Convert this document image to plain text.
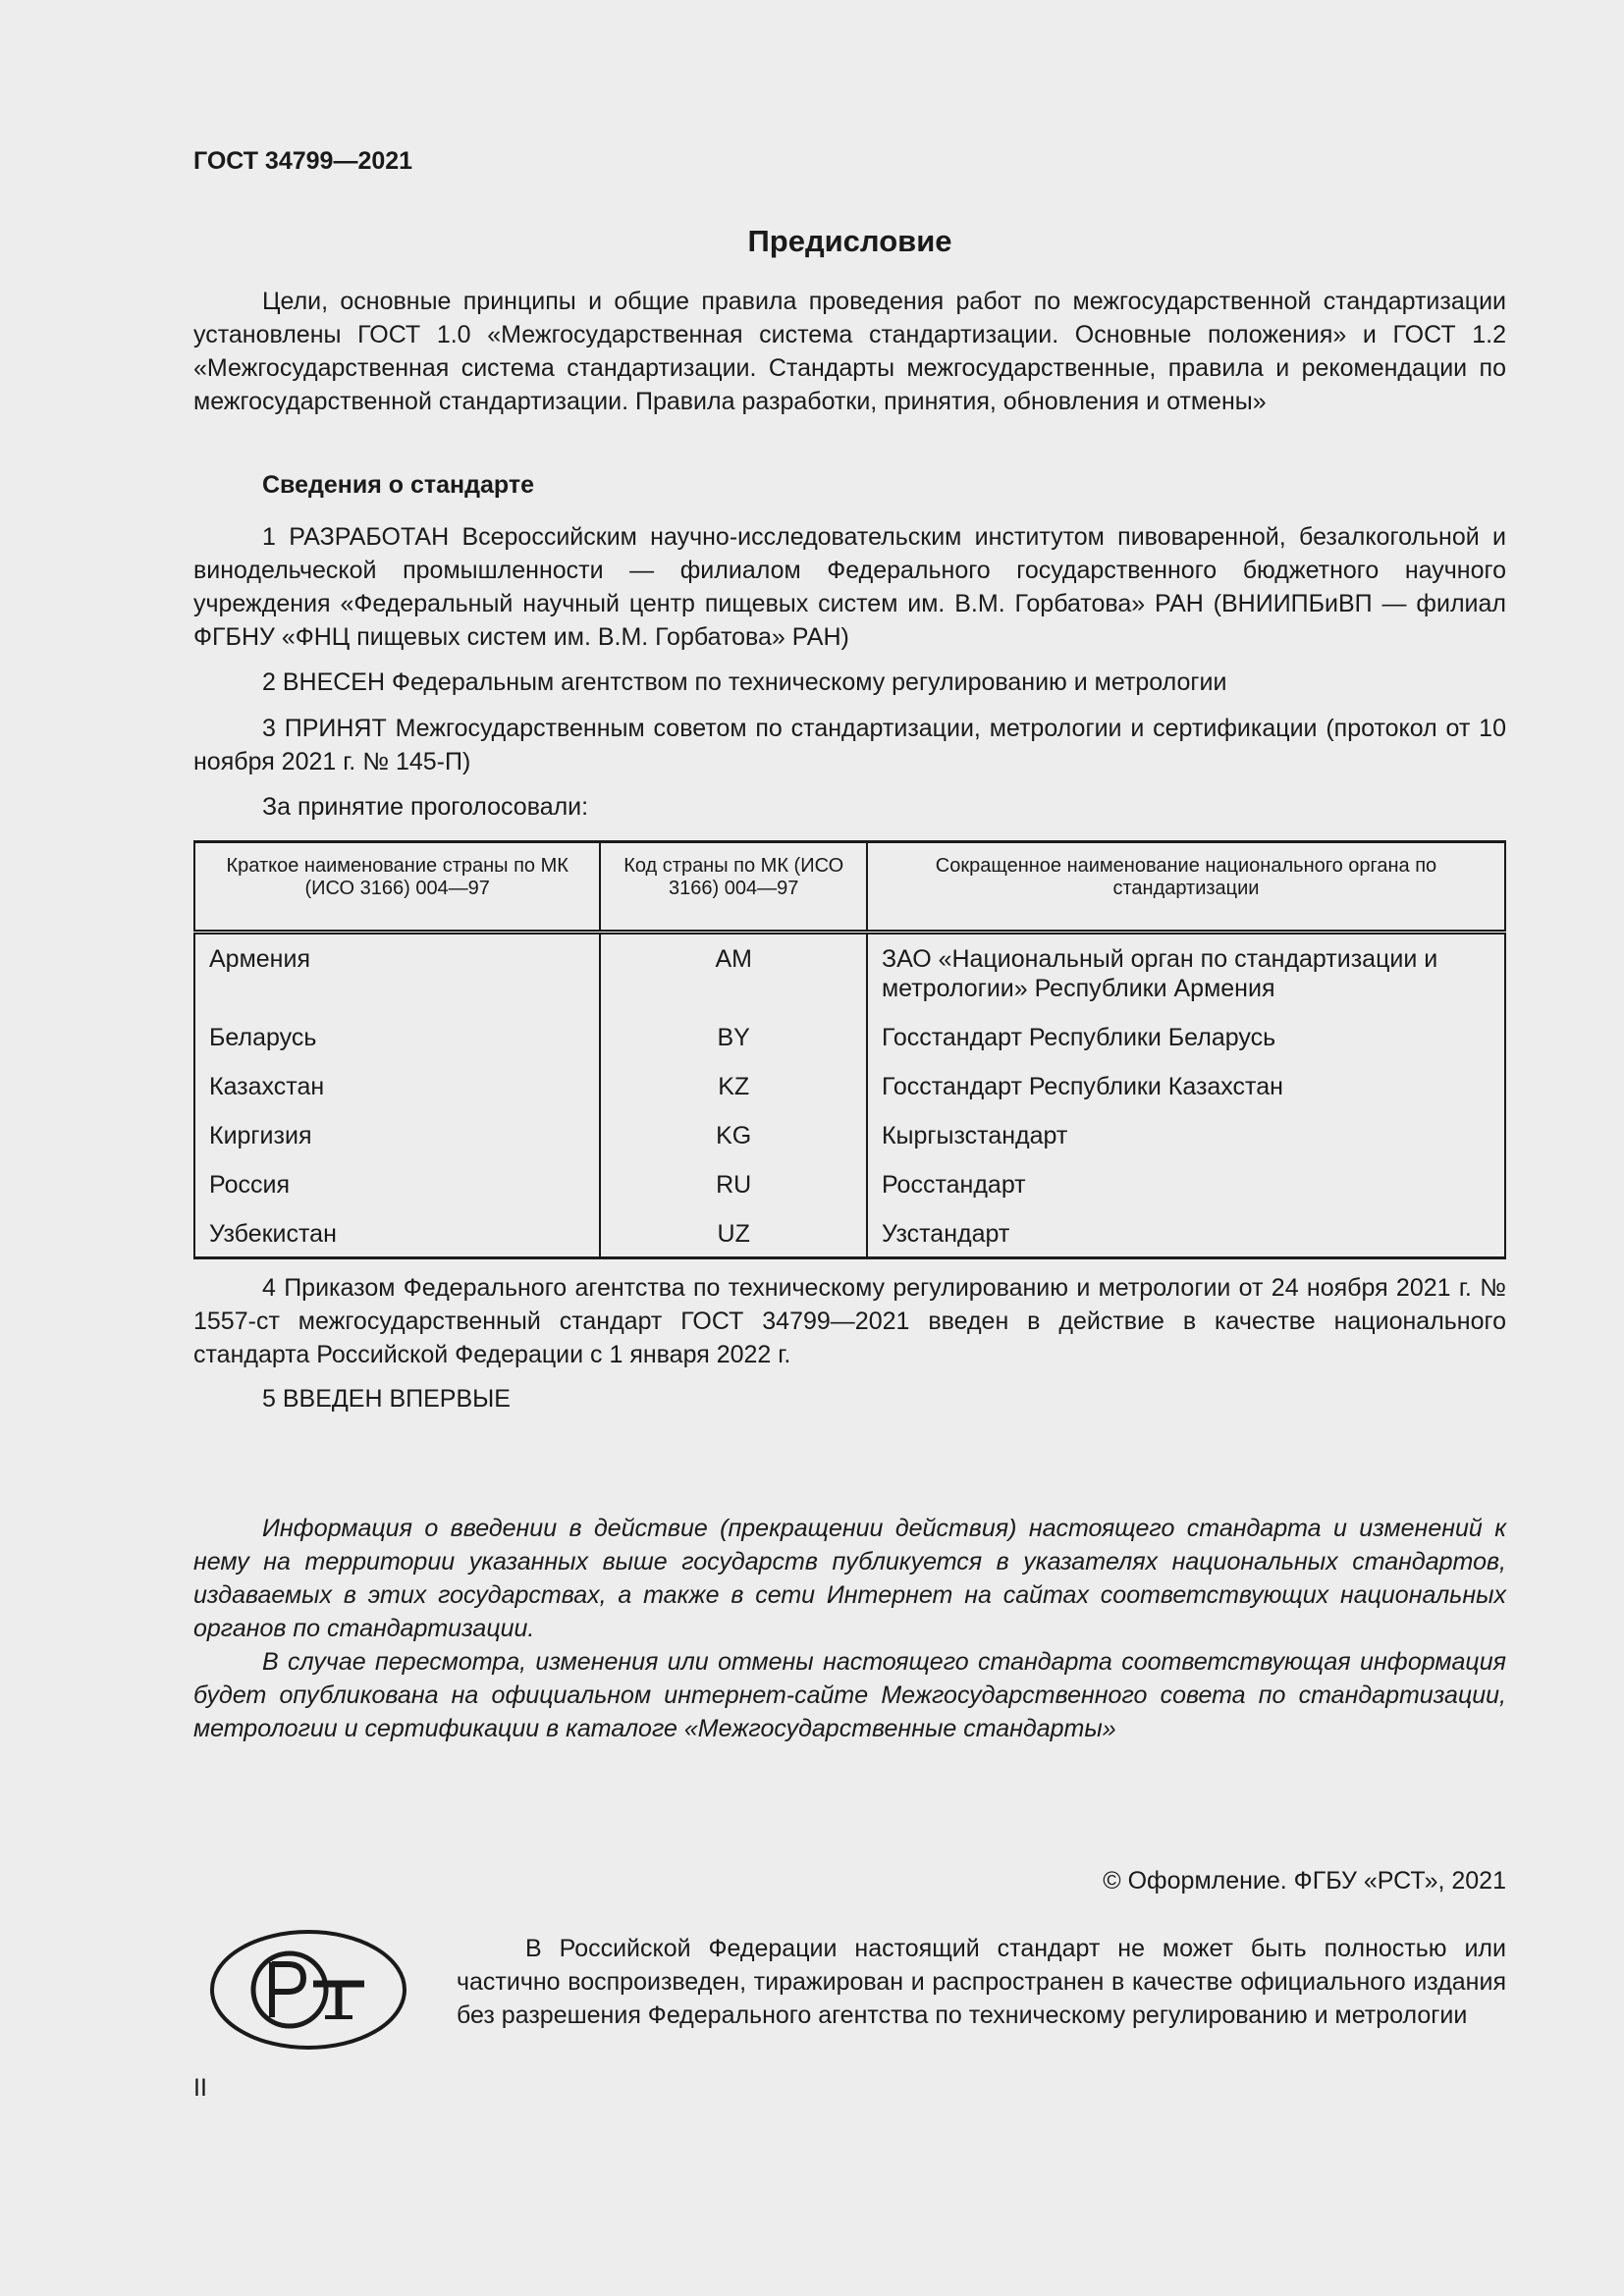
ГОСТ 34799—2021
Предисловие

Цели, основные принципы и общие правила проведения работ по межгосударственной стандартизации установлены ГОСТ 1.0 «Межгосударственная система стандартизации. Основные положения» и ГОСТ 1.2 «Межгосударственная система стандартизации. Стандарты межгосударственные, правила и рекомендации по межгосударственной стандартизации. Правила разработки, принятия, обновления и отмены»

Сведения о стандарте

1 РАЗРАБОТАН Всероссийским научно-исследовательским институтом пивоваренной, безалкогольной и винодельческой промышленности — филиалом Федерального государственного бюджетного научного учреждения «Федеральный научный центр пищевых систем им. В.М. Горбатова» РАН (ВНИИПБиВП — филиал ФГБНУ «ФНЦ пищевых систем им. В.М. Горбатова» РАН)

2 ВНЕСЕН Федеральным агентством по техническому регулированию и метрологии

3 ПРИНЯТ Межгосударственным советом по стандартизации, метрологии и сертификации (протокол от 10 ноября 2021 г. № 145-П)

За принятие проголосовали:

Краткое наименование страны по МК (ИСО 3166) 004—97	Код страны по МК (ИСО 3166) 004—97	Сокращенное наименование национального органа по стандартизации
Армения	AM	ЗАО «Национальный орган по стандартизации и метрологии» Республики Армения
Беларусь	BY	Госстандарт Республики Беларусь
Казахстан	KZ	Госстандарт Республики Казахстан
Киргизия	KG	Кыргызстандарт
Россия	RU	Росстандарт
Узбекистан	UZ	Узстандарт

4 Приказом Федерального агентства по техническому регулированию и метрологии от 24 ноября 2021 г. № 1557-ст межгосударственный стандарт ГОСТ 34799—2021 введен в действие в качестве национального стандарта Российской Федерации с 1 января 2022 г.

5 ВВЕДЕН ВПЕРВЫЕ

Информация о введении в действие (прекращении действия) настоящего стандарта и изменений к нему на территории указанных выше государств публикуется в указателях национальных стандартов, издаваемых в этих государствах, а также в сети Интернет на сайтах соответствующих национальных органов по стандартизации.

В случае пересмотра, изменения или отмены настоящего стандарта соответствующая информация будет опубликована на официальном интернет-сайте Межгосударственного совета по стандартизации, метрологии и сертификации в каталоге «Межгосударственные стандарты»

© Оформление. ФГБУ «РСТ», 2021
В Российской Федерации настоящий стандарт не может быть полностью или частично воспроизведен, тиражирован и распространен в качестве официального издания без разрешения Федерального агентства по техническому регулированию и метрологии
II
